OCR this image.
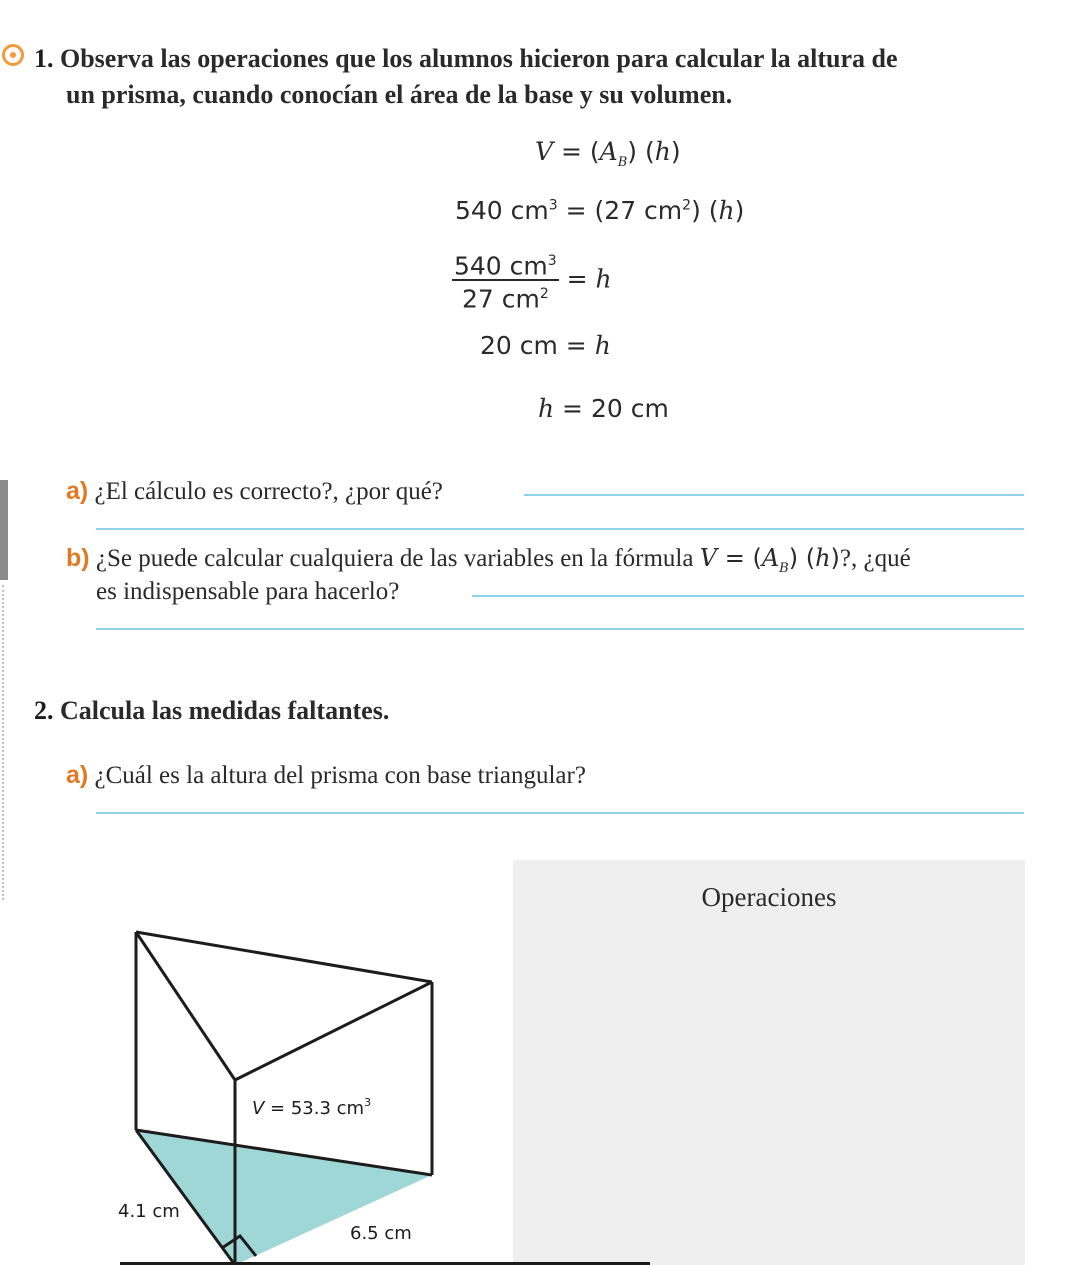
1. Observa las operaciones que los alumnos hicieron para calcular la altura de
un prisma, cuando conocían el área de la base y su volumen.
$V = (A_B)$ (h)
540 $cm^3 = (27$ $cm^2$) (h)
$\frac{540 cm^3}{27 cm^2} = h$
20 cm = h
h = 20 cm
a) ¿El cálculo es correcto?, ¿por qué?
b) ¿Se puede calcular cualquiera de las variables en la fórmula $V = (A_B)$ (h)?, ¿qué
es indispensable para hacerlo?
2. Calcula las medidas faltantes.
a) ¿Cuál es la altura del prisma con base triangular?
Operaciones
V = 53.3 $cm^3$
4.1 cm
6.5 cm
